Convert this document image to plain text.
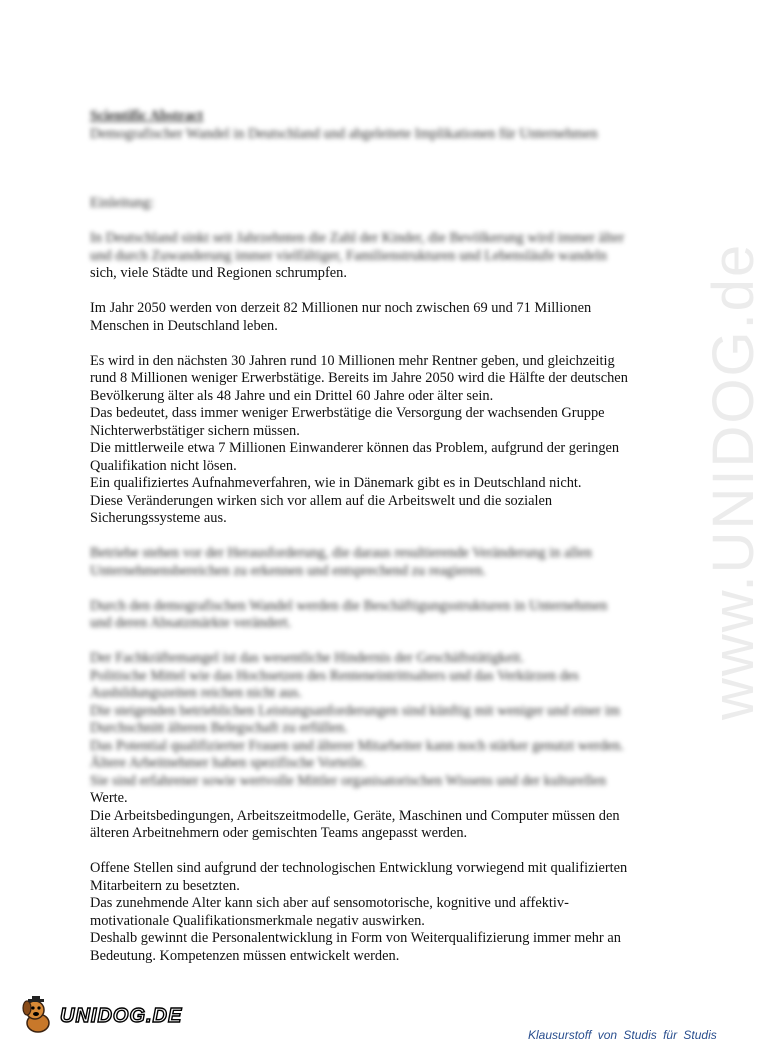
www.UNIDOG.de
Scientific Abstract
Demografischer Wandel in Deutschland und abgeleitete Implikationen für Unternehmen
Einleitung:
In Deutschland sinkt seit Jahrzehnten die Zahl der Kinder, die Bevölkerung wird immer älter
und durch Zuwanderung immer vielfältiger, Familienstrukturen und Lebensläufe wandeln
sich, viele Städte und Regionen schrumpfen.
Im Jahr 2050 werden von derzeit 82 Millionen nur noch zwischen 69 und 71 Millionen
Menschen in Deutschland leben.
Es wird in den nächsten 30 Jahren rund 10 Millionen mehr Rentner geben, und gleichzeitig
rund 8 Millionen weniger Erwerbstätige. Bereits im Jahre 2050 wird die Hälfte der deutschen
Bevölkerung älter als 48 Jahre und ein Drittel 60 Jahre oder älter sein.
Das bedeutet, dass immer weniger Erwerbstätige die Versorgung der wachsenden Gruppe
Nichterwerbstätiger sichern müssen.
Die mittlerweile etwa 7 Millionen Einwanderer können das Problem, aufgrund der geringen
Qualifikation nicht lösen.
Ein qualifiziertes Aufnahmeverfahren, wie in Dänemark gibt es in Deutschland nicht.
Diese Veränderungen wirken sich vor allem auf die Arbeitswelt und die sozialen
Sicherungssysteme aus.
Betriebe stehen vor der Herausforderung, die daraus resultierende Veränderung in allen
Unternehmensbereichen zu erkennen und entsprechend zu reagieren.
Durch den demografischen Wandel werden die Beschäftigungsstrukturen in Unternehmen
und deren Absatzmärkte verändert.
Der Fachkräftemangel ist das wesentliche Hindernis der Geschäftstätigkeit.
Politische Mittel wie das Hochsetzen des Renteneintrittsalters und das Verkürzen des
Ausbildungszeiten reichen nicht aus.
Die steigenden betrieblichen Leistungsanforderungen sind künftig mit weniger und einer im
Durchschnitt älteren Belegschaft zu erfüllen.
Das Potential qualifizierter Frauen und älterer Mitarbeiter kann noch stärker genutzt werden.
Ältere Arbeitnehmer haben spezifische Vorteile.
Sie sind erfahrener sowie wertvolle Mittler organisatorischen Wissens und der kulturellen
Werte.
Die Arbeitsbedingungen, Arbeitszeitmodelle, Geräte, Maschinen und Computer müssen den
älteren Arbeitnehmern oder gemischten Teams angepasst werden.
Offene Stellen sind aufgrund der technologischen Entwicklung vorwiegend mit qualifizierten
Mitarbeitern zu besetzten.
Das zunehmende Alter kann sich aber auf sensomotorische, kognitive und affektiv-
motivationale Qualifikationsmerkmale negativ auswirken.
Deshalb gewinnt die Personalentwicklung in Form von Weiterqualifizierung immer mehr an
Bedeutung. Kompetenzen müssen entwickelt werden.
UNIDOG.DE
Klausurstoff von Studis für Studis
